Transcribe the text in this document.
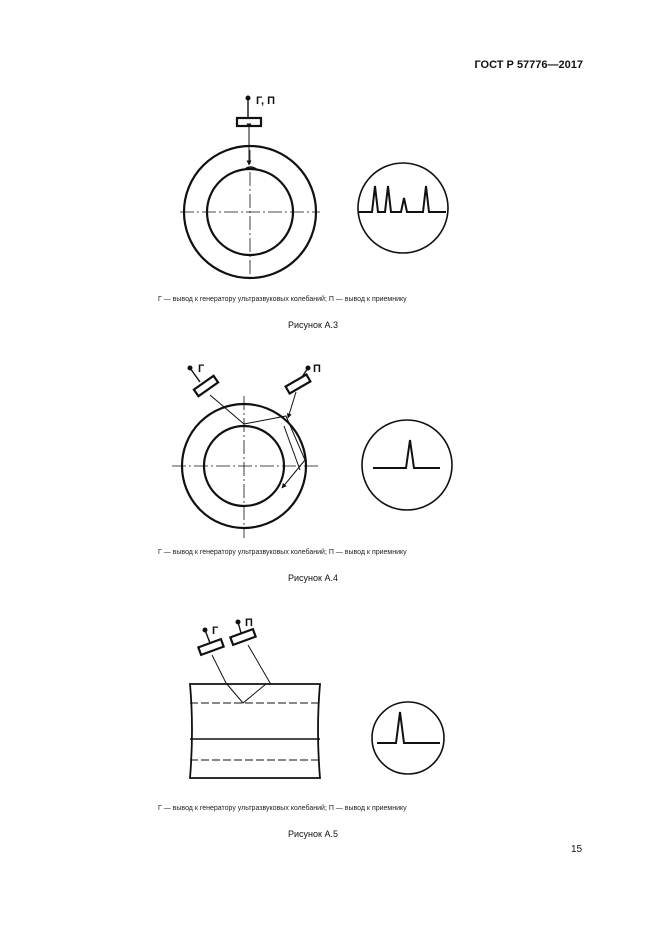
ГОСТ Р 57776—2017
Г, П
Г	П
Г
П
Г — вывод к генератору ультразвуковых колебаний; П — вывод к приемнику
Рисунок А.3
Г — вывод к генератору ультразвуковых колебаний; П — вывод к приемнику
Рисунок А.4
Г — вывод к генератору ультразвуковых колебаний; П — вывод к приемнику
Рисунок А.5
15
